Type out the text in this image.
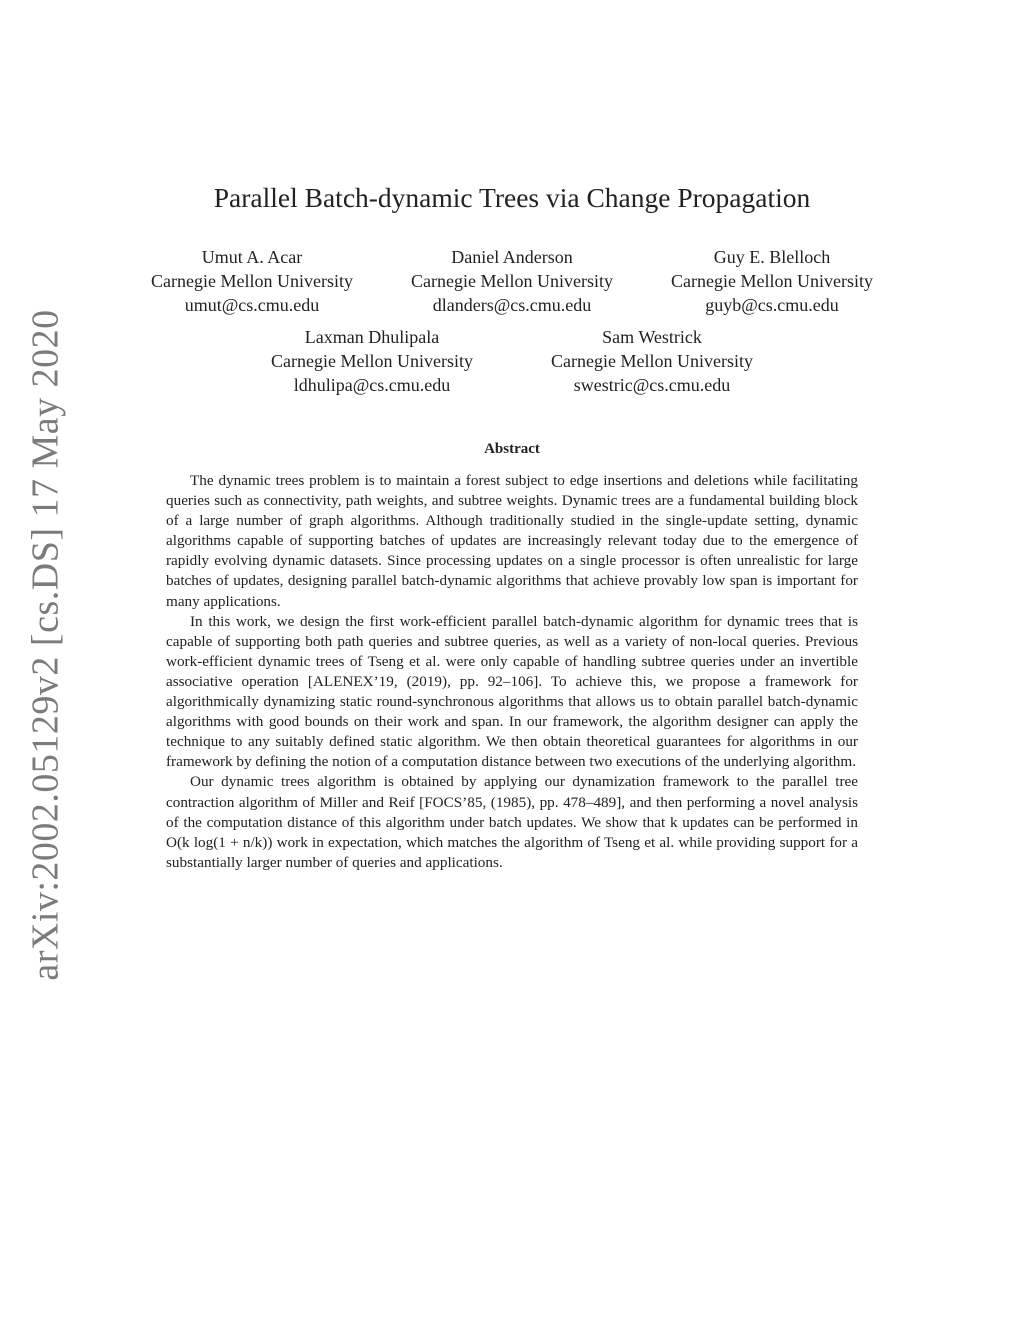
arXiv:2002.05129v2 [cs.DS] 17 May 2020
Parallel Batch-dynamic Trees via Change Propagation
Umut A. Acar
Carnegie Mellon University
umut@cs.cmu.edu
Daniel Anderson
Carnegie Mellon University
dlanders@cs.cmu.edu
Guy E. Blelloch
Carnegie Mellon University
guyb@cs.cmu.edu
Laxman Dhulipala
Carnegie Mellon University
ldhulipa@cs.cmu.edu
Sam Westrick
Carnegie Mellon University
swestric@cs.cmu.edu
Abstract

The dynamic trees problem is to maintain a forest subject to edge insertions and deletions while facilitating queries such as connectivity, path weights, and subtree weights. Dynamic trees are a fundamental building block of a large number of graph algorithms. Although traditionally studied in the single-update setting, dynamic algorithms capable of supporting batches of updates are increasingly relevant today due to the emergence of rapidly evolving dynamic datasets. Since processing updates on a single processor is often unrealistic for large batches of updates, designing parallel batch-dynamic algorithms that achieve provably low span is important for many applications.

In this work, we design the first work-efficient parallel batch-dynamic algorithm for dynamic trees that is capable of supporting both path queries and subtree queries, as well as a variety of non-local queries. Previous work-efficient dynamic trees of Tseng et al. were only capable of handling subtree queries under an invertible associative operation [ALENEX’19, (2019), pp. 92–106]. To achieve this, we propose a framework for algorithmically dynamizing static round-synchronous algorithms that allows us to obtain parallel batch-dynamic algorithms with good bounds on their work and span. In our framework, the algorithm designer can apply the technique to any suitably defined static algorithm. We then obtain theoretical guarantees for algorithms in our framework by defining the notion of a computation distance between two executions of the underlying algorithm.

Our dynamic trees algorithm is obtained by applying our dynamization framework to the parallel tree contraction algorithm of Miller and Reif [FOCS’85, (1985), pp. 478–489], and then performing a novel analysis of the computation distance of this algorithm under batch updates. We show that k updates can be performed in O(k log(1 + n/k)) work in expectation, which matches the algorithm of Tseng et al. while providing support for a substantially larger number of queries and applications.
